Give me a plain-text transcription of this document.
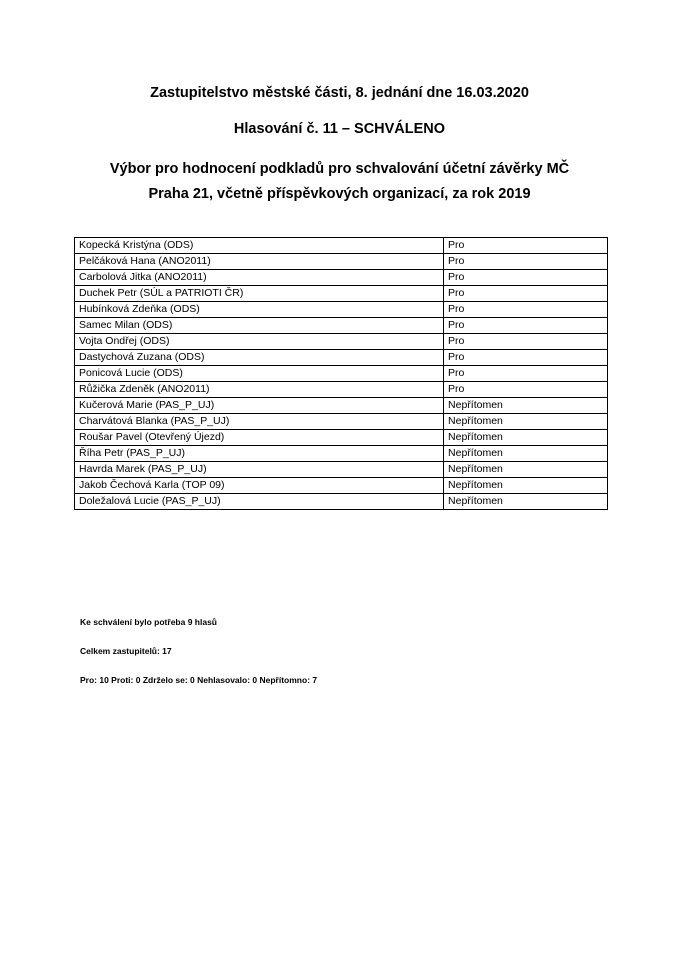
Zastupitelstvo městské části, 8. jednání dne 16.03.2020
Hlasování č. 11 – SCHVÁLENO
Výbor pro hodnocení podkladů pro schvalování účetní závěrky MČ
Praha 21, včetně příspěvkových organizací, za rok 2019
Kopecká Kristýna (ODS)	Pro
Pelčáková Hana (ANO2011)	Pro
Carbolová Jitka (ANO2011)	Pro
Duchek Petr (SÚL a PATRIOTI ČR)	Pro
Hubínková Zdeňka (ODS)	Pro
Samec Milan (ODS)	Pro
Vojta Ondřej (ODS)	Pro
Dastychová Zuzana (ODS)	Pro
Ponicová Lucie (ODS)	Pro
Růžička Zdeněk (ANO2011)	Pro
Kučerová Marie (PAS_P_UJ)	Nepřítomen
Charvátová Blanka (PAS_P_UJ)	Nepřítomen
Roušar Pavel (Otevřený Újezd)	Nepřítomen
Říha Petr (PAS_P_UJ)	Nepřítomen
Havrda Marek (PAS_P_UJ)	Nepřítomen
Jakob Čechová Karla (TOP 09)	Nepřítomen
Doležalová Lucie (PAS_P_UJ)	Nepřítomen
Ke schválení bylo potřeba 9 hlasů
Celkem zastupitelů: 17
Pro: 10 Proti: 0 Zdrželo se: 0 Nehlasovalo: 0 Nepřítomno: 7
